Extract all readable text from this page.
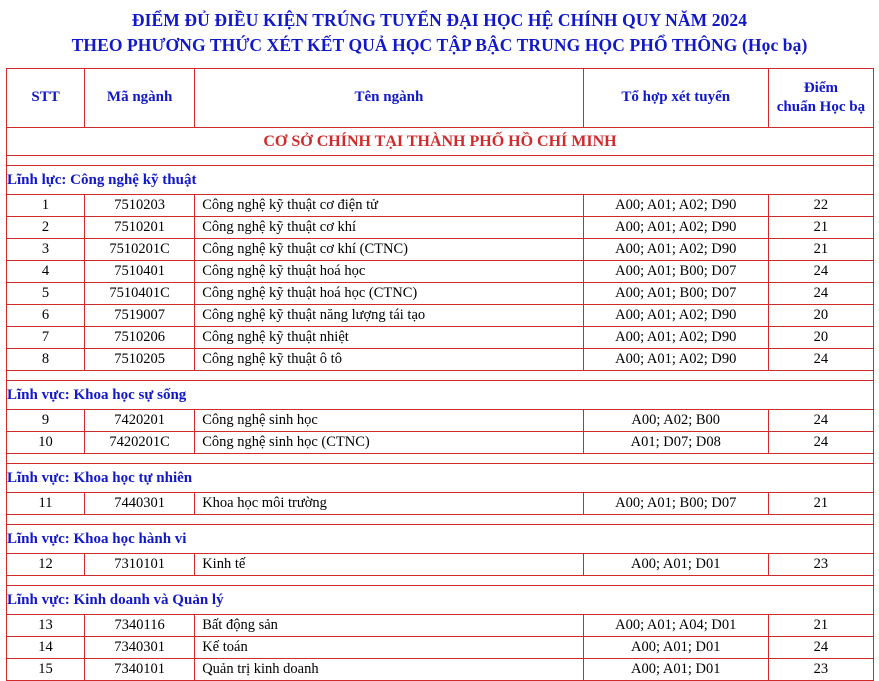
ĐIỂM ĐỦ ĐIỀU KIỆN TRÚNG TUYỂN ĐẠI HỌC HỆ CHÍNH QUY NĂM 2024
THEO PHƯƠNG THỨC XÉT KẾT QUẢ HỌC TẬP BẬC TRUNG HỌC PHỔ THÔNG (Học bạ)
STT	Mã ngành	Tên ngành	Tổ hợp xét tuyển	Điểm
chuẩn Học bạ

CƠ SỞ CHÍNH TẠI THÀNH PHỐ HỒ CHÍ MINH				

Lĩnh lực: Công nghệ kỹ thuật				
1	7510203	Công nghệ kỹ thuật cơ điện tử	A00; A01; A02; D90	22
2	7510201	Công nghệ kỹ thuật cơ khí	A00; A01; A02; D90	21
3	7510201C	Công nghệ kỹ thuật cơ khí (CTNC)	A00; A01; A02; D90	21
4	7510401	Công nghệ kỹ thuật hoá học	A00; A01; B00; D07	24
5	7510401C	Công nghệ kỹ thuật hoá học (CTNC)	A00; A01; B00; D07	24
6	7519007	Công nghệ kỹ thuật năng lượng tái tạo	A00; A01; A02; D90	20
7	7510206	Công nghệ kỹ thuật nhiệt	A00; A01; A02; D90	20
8	7510205	Công nghệ kỹ thuật ô tô	A00; A01; A02; D90	24

Lĩnh vực: Khoa học sự sống				
9	7420201	Công nghệ sinh học	A00; A02; B00	24
10	7420201C	Công nghệ sinh học (CTNC)	A01; D07; D08	24

Lĩnh vực: Khoa học tự nhiên				
11	7440301	Khoa học môi trường	A00; A01; B00; D07	21

Lĩnh vực: Khoa học hành vi				
12	7310101	Kinh tế	A00; A01; D01	23

Lĩnh vực: Kinh doanh và Quản lý				
13	7340116	Bất động sản	A00; A01; A04; D01	21
14	7340301	Kế toán	A00; A01; D01	24
15	7340101	Quản trị kinh doanh	A00; A01; D01	23
